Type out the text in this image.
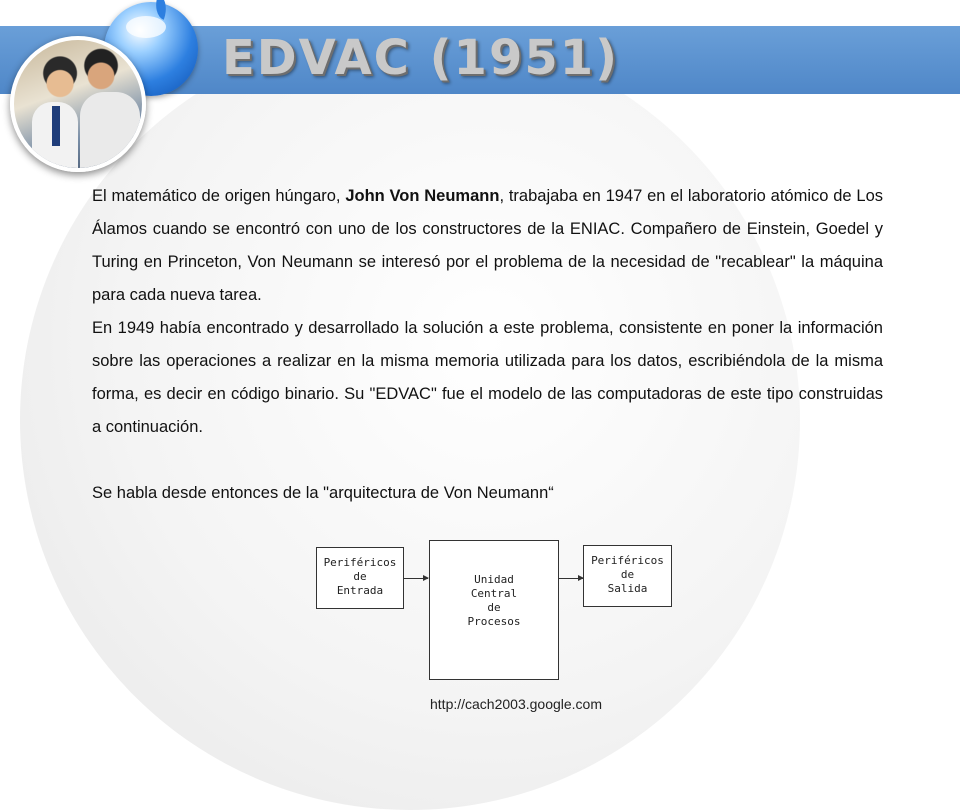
EDVAC (1951)

El matemático de origen húngaro, John Von Neumann, trabajaba en 1947 en el laboratorio atómico de Los Álamos cuando se encontró con uno de los constructores de la ENIAC. Compañero de Einstein, Goedel y Turing en Princeton, Von Neumann se interesó por el problema de la necesidad de "recablear" la máquina para cada nueva tarea.

En 1949 había encontrado y desarrollado la solución a este problema, consistente en poner la información sobre las operaciones a realizar en la misma memoria utilizada para los datos, escribiéndola de la misma forma, es decir en código binario. Su "EDVAC" fue el modelo de las computadoras de este tipo construidas a continuación.

Se habla desde entonces de la "arquitectura de Von Neumann“

Periféricos
de
Entrada
Unidad
Central
de
Procesos
Periféricos
de
Salida
http://cach2003.google.com
